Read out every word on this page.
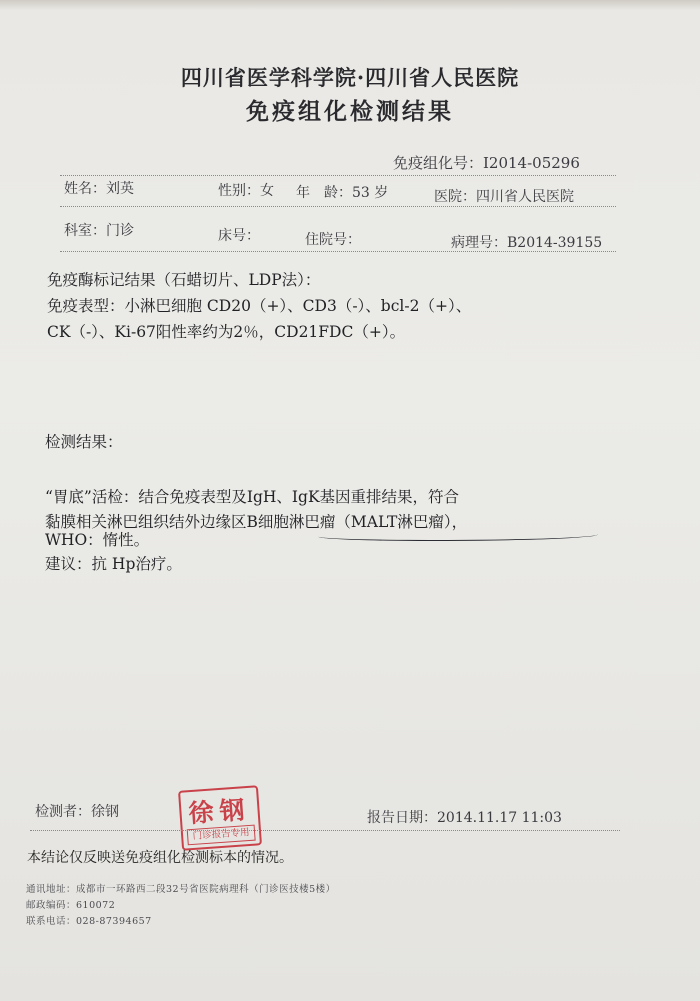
四川省医学科学院·四川省人民医院
免疫组化检测结果
免疫组化号：I2014-05296
姓名：刘英	性别：女 年　龄：53 岁	医院：四川省人民医院
科室：门诊	床号：	住院号：	病理号：B2014-39155
免疫酶标记结果（石蜡切片、LDP法）：
免疫表型：小淋巴细胞 CD20（+）、CD3（-）、bcl-2（+）、
CK（-）、Ki-67阳性率约为2％，CD21FDC（+）。
检测结果：
“胃底”活检：结合免疫表型及IgH、IgK基因重排结果，符合
黏膜相关淋巴组织结外边缘区B细胞淋巴瘤（MALT淋巴瘤），
WHO：惰性。
建议：抗 Hp治疗。
检测者：徐钢	徐钢
门诊报告专用
报告日期：2014.11.17 11:03
本结论仅反映送免疫组化检测标本的情况。
通讯地址：成都市一环路西二段32号省医院病理科（门诊医技楼5楼）
邮政编码：610072
联系电话：028-87394657
